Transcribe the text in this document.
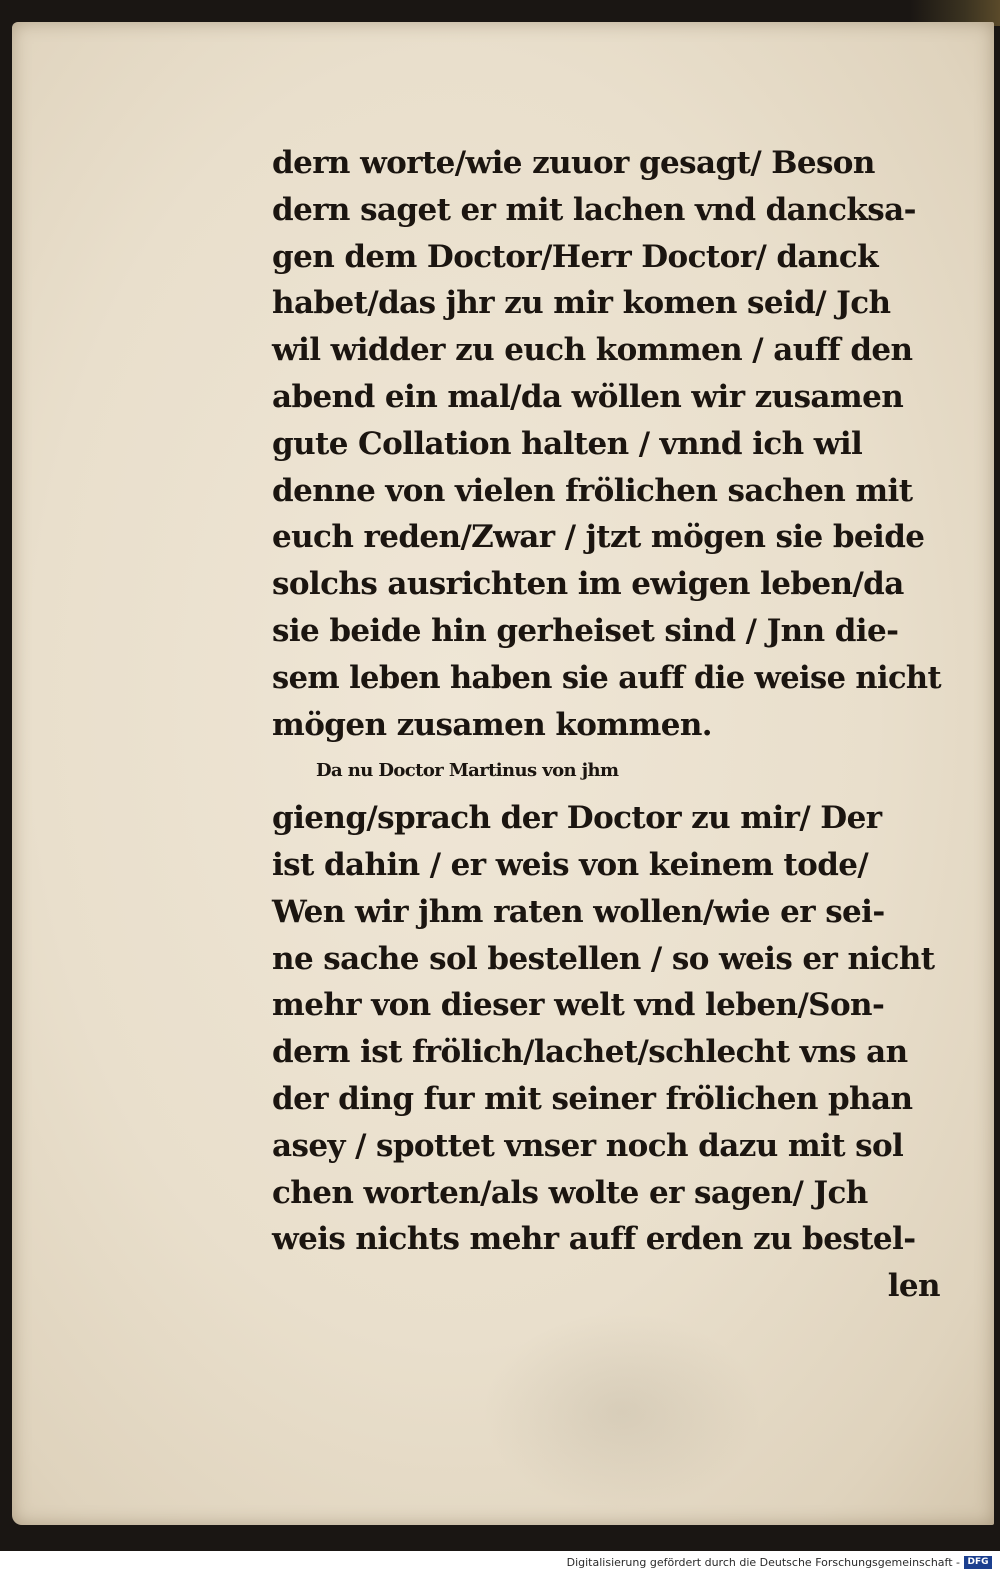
dern worte/wie zuuor gesagt/ Beson
dern saget er mit lachen vnd dancksa-
gen dem Doctor/Herr Doctor/ danck
habet/das jhr zu mir komen seid/ Jch
wil widder zu euch kommen / auff den
abend ein mal/da wöllen wir zusamen
gute Collation halten / vnnd ich wil
denne von vielen frölichen sachen mit
euch reden/Zwar / jtzt mögen sie beide
solchs ausrichten im ewigen leben/da
sie beide hin gerheiset sind / Jnn die-
sem leben haben sie auff die weise nicht
mögen zusamen kommen.
Da nu Doctor Martinus von jhm
gieng/sprach der Doctor zu mir/ Der
ist dahin / er weis von keinem tode/
Wen wir jhm raten wollen/wie er sei-
ne sache sol bestellen / so weis er nicht
mehr von dieser welt vnd leben/Son-
dern ist frölich/lachet/schlecht vns an
der ding fur mit seiner frölichen phan
asey / spottet vnser noch dazu mit sol
chen worten/als wolte er sagen/ Jch
weis nichts mehr auff erden zu bestel-
len
Digitalisierung gefördert durch die Deutsche Forschungsgemeinschaft - DFG
